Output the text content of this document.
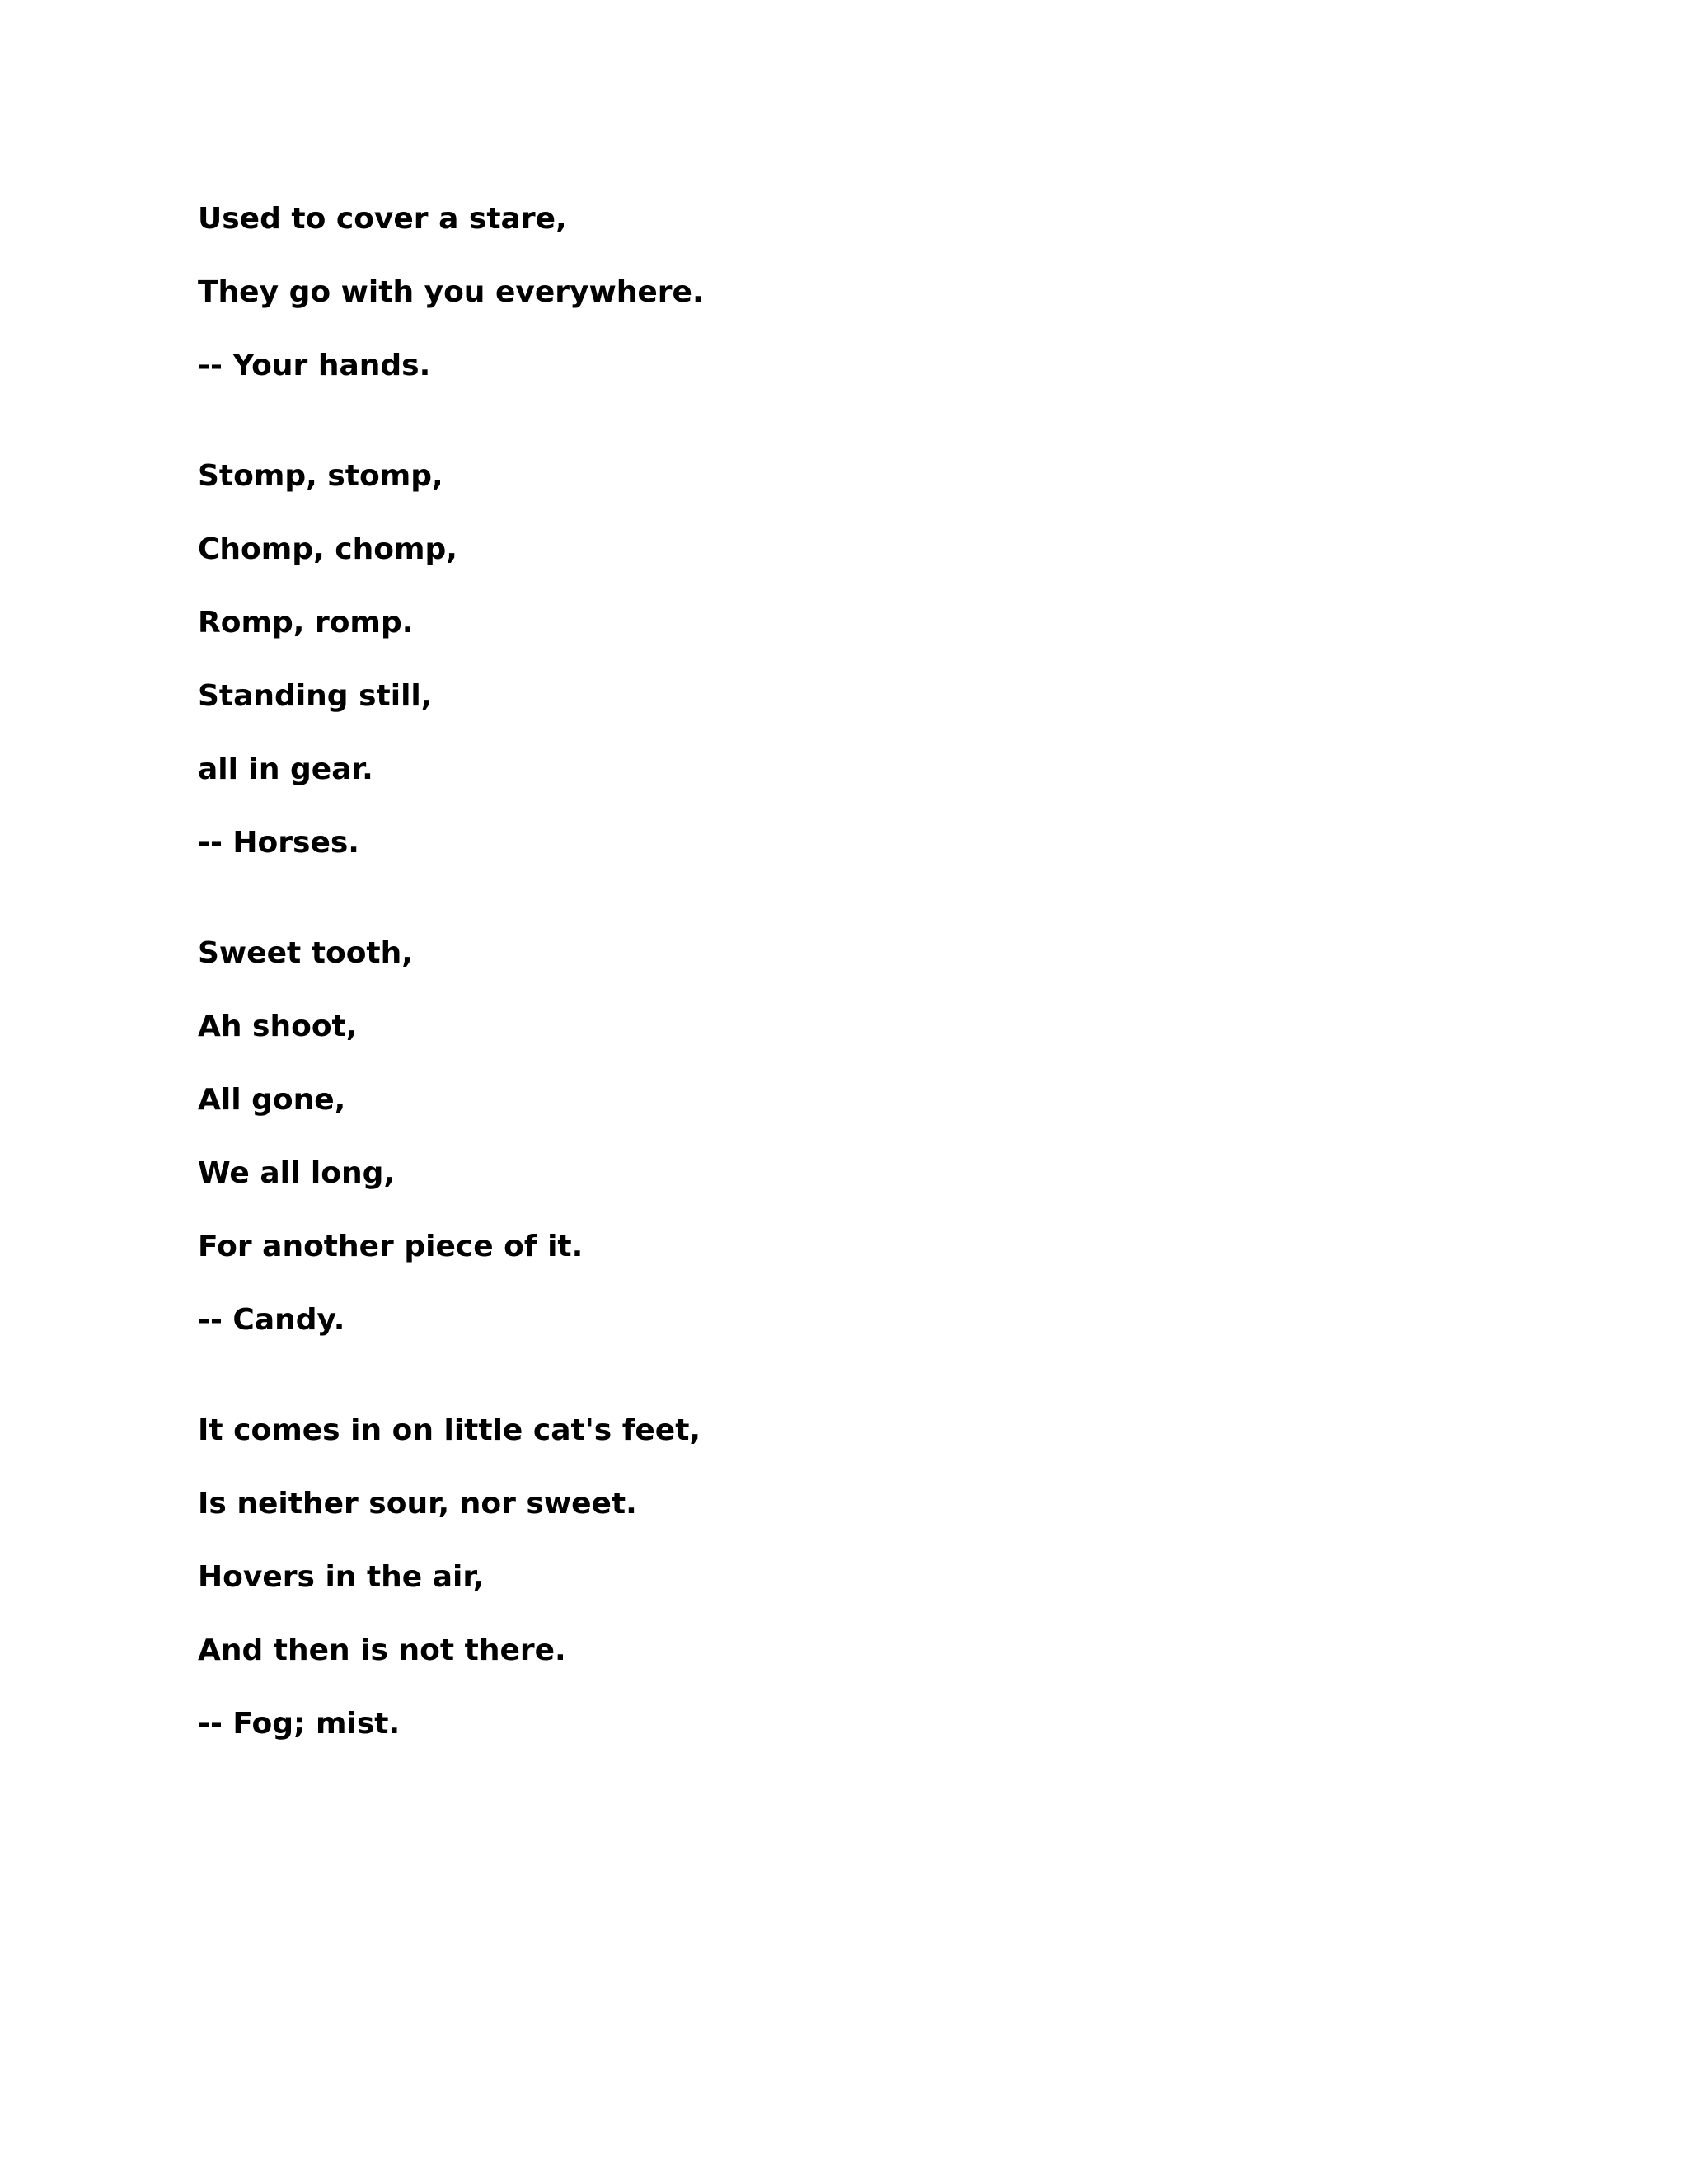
Used to cover a stare,

They go with you everywhere.

-- Your hands.

Stomp, stomp,

Chomp, chomp,

Romp, romp.

Standing still,

all in gear.

-- Horses.

Sweet tooth,

Ah shoot,

All gone,

We all long,

For another piece of it.

-- Candy.

It comes in on little cat's feet,

Is neither sour, nor sweet.

Hovers in the air,

And then is not there.

-- Fog; mist.
